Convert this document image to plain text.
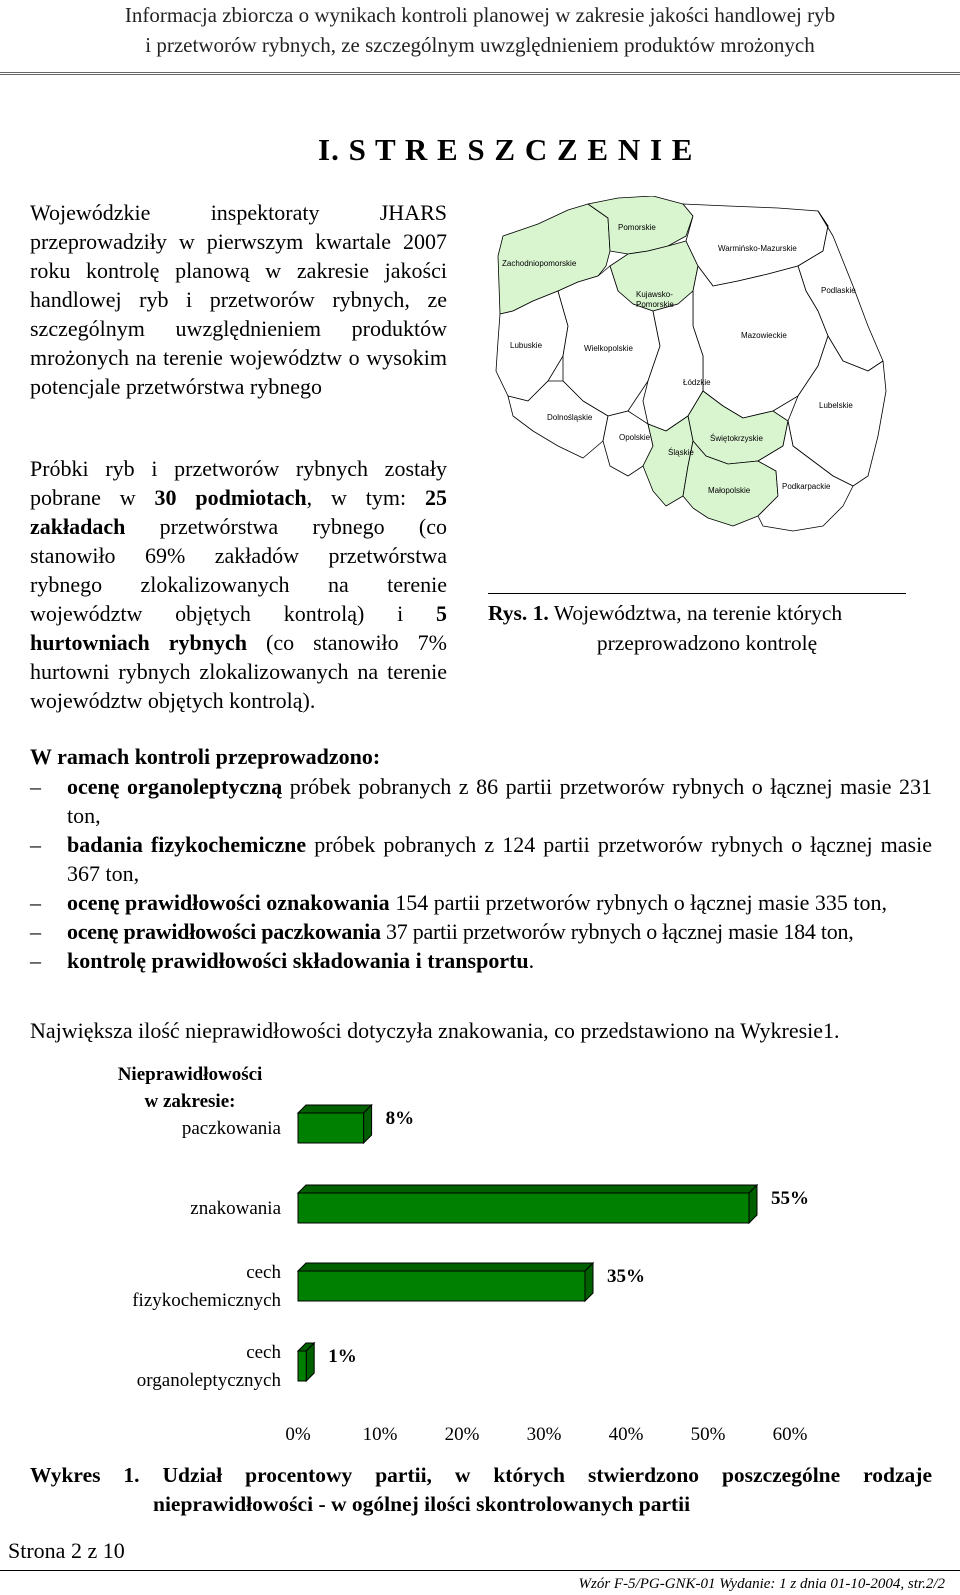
Informacja zbiorcza o wynikach kontroli planowej w zakresie jakości handlowej ryb
i przetworów rybnych, ze szczególnym uwzględnieniem produktów mrożonych
I. S T R E S Z C Z E N I E
Wojewódzkie inspektoraty JHARS przeprowadziły w pierwszym kwartale 2007 roku kontrolę planową w zakresie jakości handlowej ryb i przetworów rybnych, ze szczególnym uwzględnieniem produktów mrożonych na terenie województw o wysokim potencjale przetwórstwa rybnego
Próbki ryb i przetworów rybnych zostały pobrane w 30 podmiotach, w tym: 25 zakładach przetwórstwa rybnego (co stanowiło 69% zakładów przetwórstwa rybnego zlokalizowanych na terenie województw objętych kontrolą) i 5 hurtowniach rybnych (co stanowiło 7% hurtowni rybnych zlokalizowanych na terenie województw objętych kontrolą).
Zachodniopomorskie
Pomorskie
Warmińsko-Mazurskie
Kujawsko-
Pomorskie
Podlaskie
Lubuskie	Wielkopolskie
Mazowieckie
Łódzkie
Dolnośląskie
Lubelskie
Opolskie	Świętokrzyskie
Śląskie
Małopolskie	Podkarpackie
Rys. 1. Województwa, na terenie których
przeprowadzono kontrolę
W ramach kontroli przeprowadzono:
– ocenę organoleptyczną próbek pobranych z 86 partii przetworów rybnych o łącznej masie 231 ton,
– badania fizykochemiczne próbek pobranych z 124 partii przetworów rybnych o łącznej masie 367 ton,
– ocenę prawidłowości oznakowania 154 partii przetworów rybnych o łącznej masie 335 ton,
– ocenę prawidłowości paczkowania 37 partii przetworów rybnych o łącznej masie 184 ton,
– kontrolę prawidłowości składowania i transportu.
Największa ilość nieprawidłowości dotyczyła znakowania, co przedstawiono na Wykresie1.
Nieprawidłowości
w zakresie:
paczkowania
znakowania
cech
fizykochemicznych
cech
organoleptycznych
8%
55%
35%
1%
0%	10% 20% 30% 40% 50% 60%
Wykres 1. Udział procentowy partii, w których stwierdzono poszczególne rodzaje
nieprawidłowości - w ogólnej ilości skontrolowanych partii
Strona 2 z 10
Wzór F-5/PG-GNK-01 Wydanie: 1 z dnia 01-10-2004, str.2/2
